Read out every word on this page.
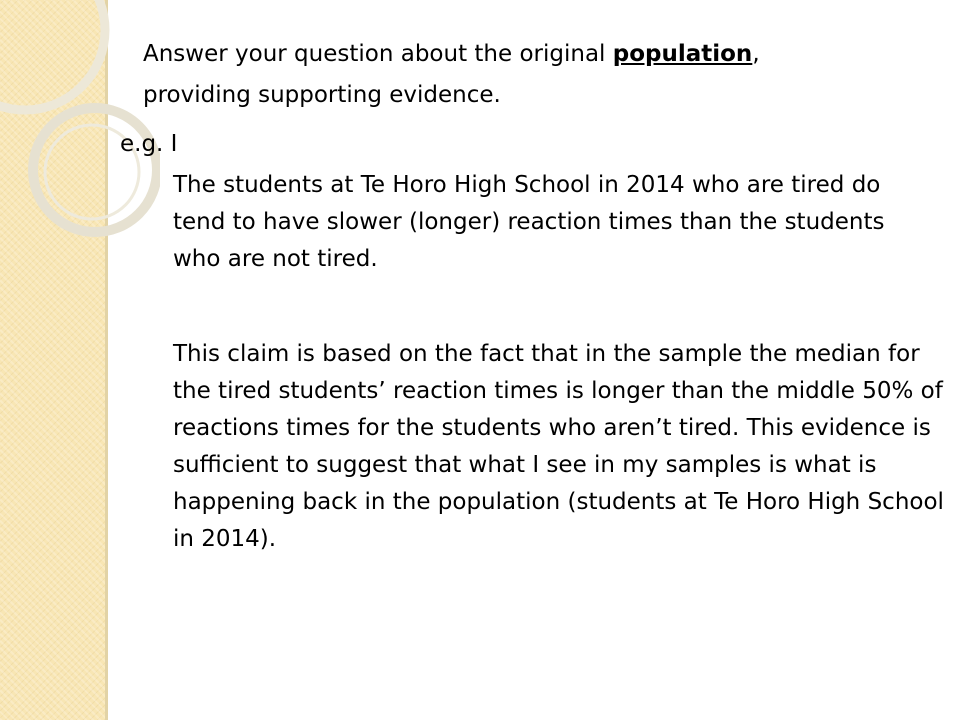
Answer your question about the original population,

providing supporting evidence.

e.g. I

The students at Te Horo High School in 2014 who are tired do tend to have slower (longer) reaction times than the students who are not tired.

This claim is based on the fact that in the sample the median for the tired students’ reaction times is longer than the middle 50% of reactions times for the students who aren’t tired. This evidence is sufficient to suggest that what I see in my samples is what is happening back in the population (students at Te Horo High School in 2014).
